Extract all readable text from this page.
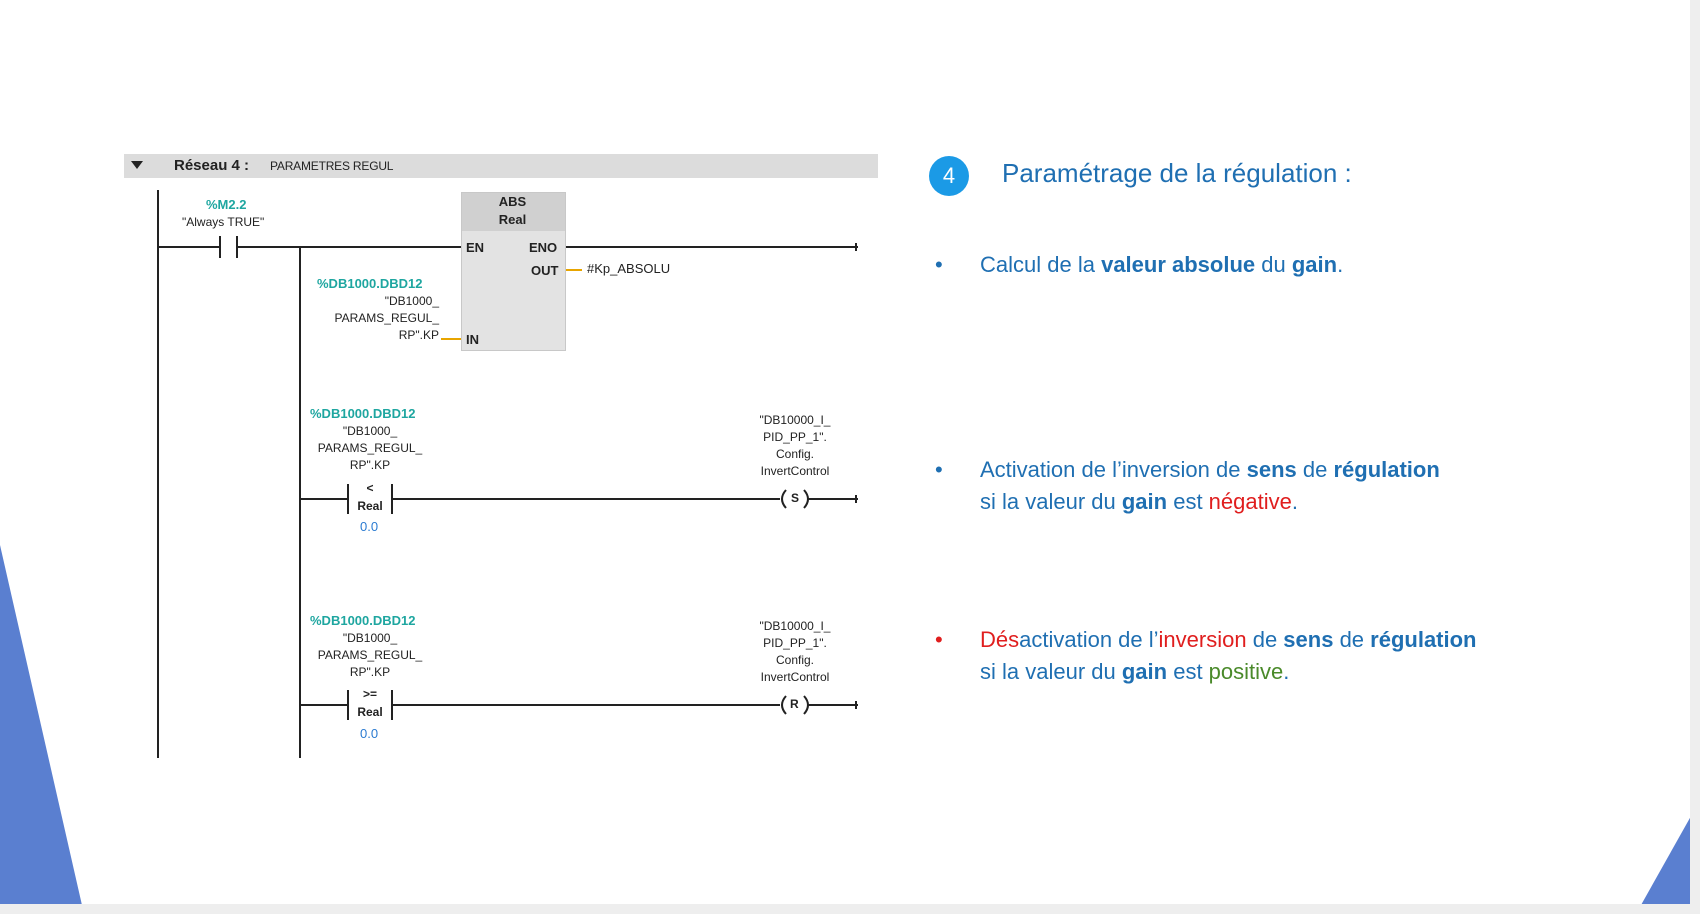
Réseau 4 : PARAMETRES REGUL
%M2.2
"Always TRUE"
ABS
Real
EN	ENO
OUT
IN
#Kp_ABSOLU
%DB1000.DBD12
"DB1000_
PARAMS_REGUL_
RP".KP
%DB1000.DBD12
"DB1000_
PARAMS_REGUL_
RP".KP
<
Real
0.0
"DB10000_I_
PID_PP_1".
Config.
InvertControl
S
%DB1000.DBD12
"DB1000_
PARAMS_REGUL_
RP".KP
>=
Real
0.0
"DB10000_I_
PID_PP_1".
Config.
InvertControl
R
4	Paramétrage de la régulation :
• Calcul de la valeur absolue du gain.
• Activation de l’inversion de sens de régulation
si la valeur du gain est négative.
• Désactivation de l’inversion de sens de régulation
si la valeur du gain est positive.
